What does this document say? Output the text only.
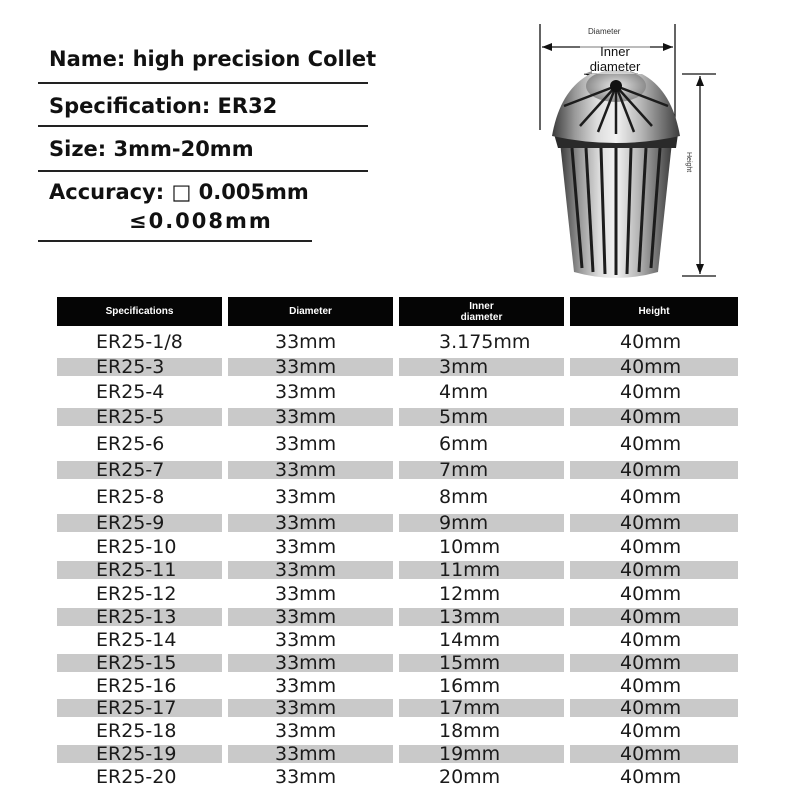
Name: high precision Collet
Specification: ER32
Size: 3mm-20mm
Accuracy: □ 0.005mm
≤0.008mm
Diameter
Inner diameter
Height
Specifications	Diameter	Inner diameter	Height
ER25-1/8	33mm	3.175mm	40mm
ER25-3	33mm	3mm	40mm
ER25-4	33mm	4mm	40mm
ER25-5	33mm	5mm	40mm
ER25-6	33mm	6mm	40mm
ER25-7	33mm	7mm	40mm
ER25-8	33mm	8mm	40mm
ER25-9	33mm	9mm	40mm
ER25-10	33mm	10mm	40mm
ER25-11	33mm	11mm	40mm
ER25-12	33mm	12mm	40mm
ER25-13	33mm	13mm	40mm
ER25-14	33mm	14mm	40mm
ER25-15	33mm	15mm	40mm
ER25-16	33mm	16mm	40mm
ER25-17	33mm	17mm	40mm
ER25-18	33mm	18mm	40mm
ER25-19	33mm	19mm	40mm
ER25-20	33mm	20mm	40mm
